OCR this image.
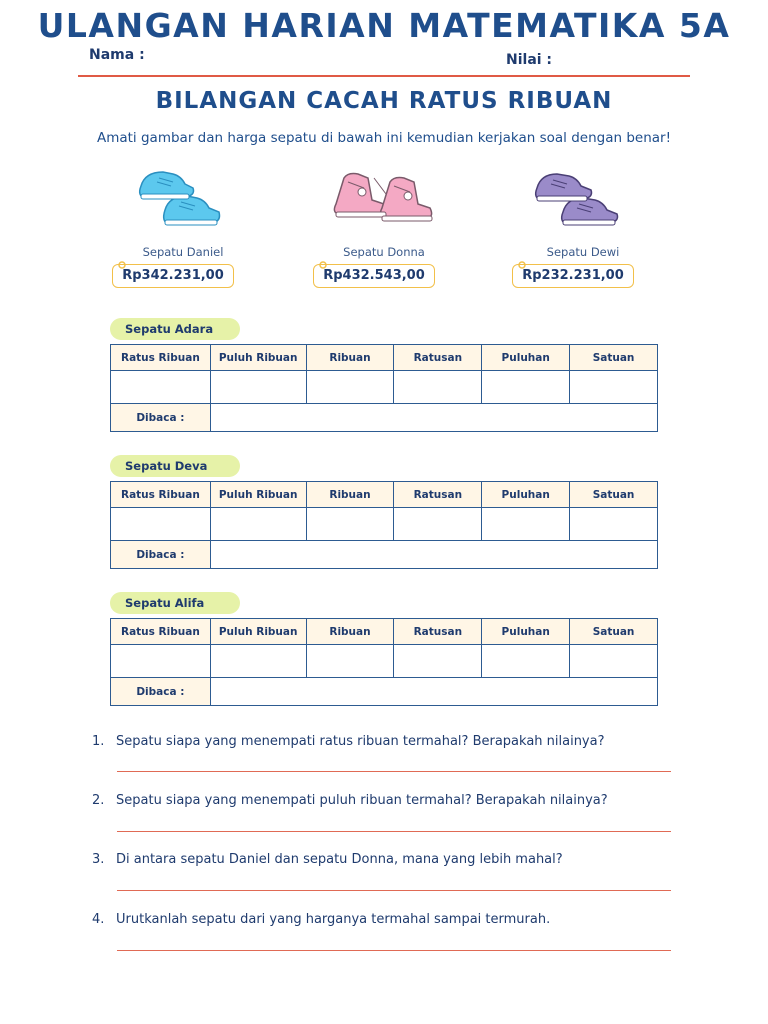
ULANGAN HARIAN MATEMATIKA 5A
Nama :	Nilai :
BILANGAN CACAH RATUS RIBUAN
Amati gambar dan harga sepatu di bawah ini kemudian kerjakan soal dengan benar!
Sepatu Daniel
Rp342.231,00
Sepatu Donna
Rp432.543,00
Sepatu Dewi
Rp232.231,00
Sepatu Adara
Ratus Ribuan	Puluh Ribuan	Ribuan	Ratusan	Puluhan	Satuan

Dibaca :					
Sepatu Deva
Ratus Ribuan	Puluh Ribuan	Ribuan	Ratusan	Puluhan	Satuan

Dibaca :					
Sepatu Alifa
Ratus Ribuan	Puluh Ribuan	Ribuan	Ratusan	Puluhan	Satuan

Dibaca :					
1. Sepatu siapa yang menempati ratus ribuan termahal? Berapakah nilainya?
2. Sepatu siapa yang menempati puluh ribuan termahal? Berapakah nilainya?
3. Di antara sepatu Daniel dan sepatu Donna, mana yang lebih mahal?
4. Urutkanlah sepatu dari yang harganya termahal sampai termurah.
